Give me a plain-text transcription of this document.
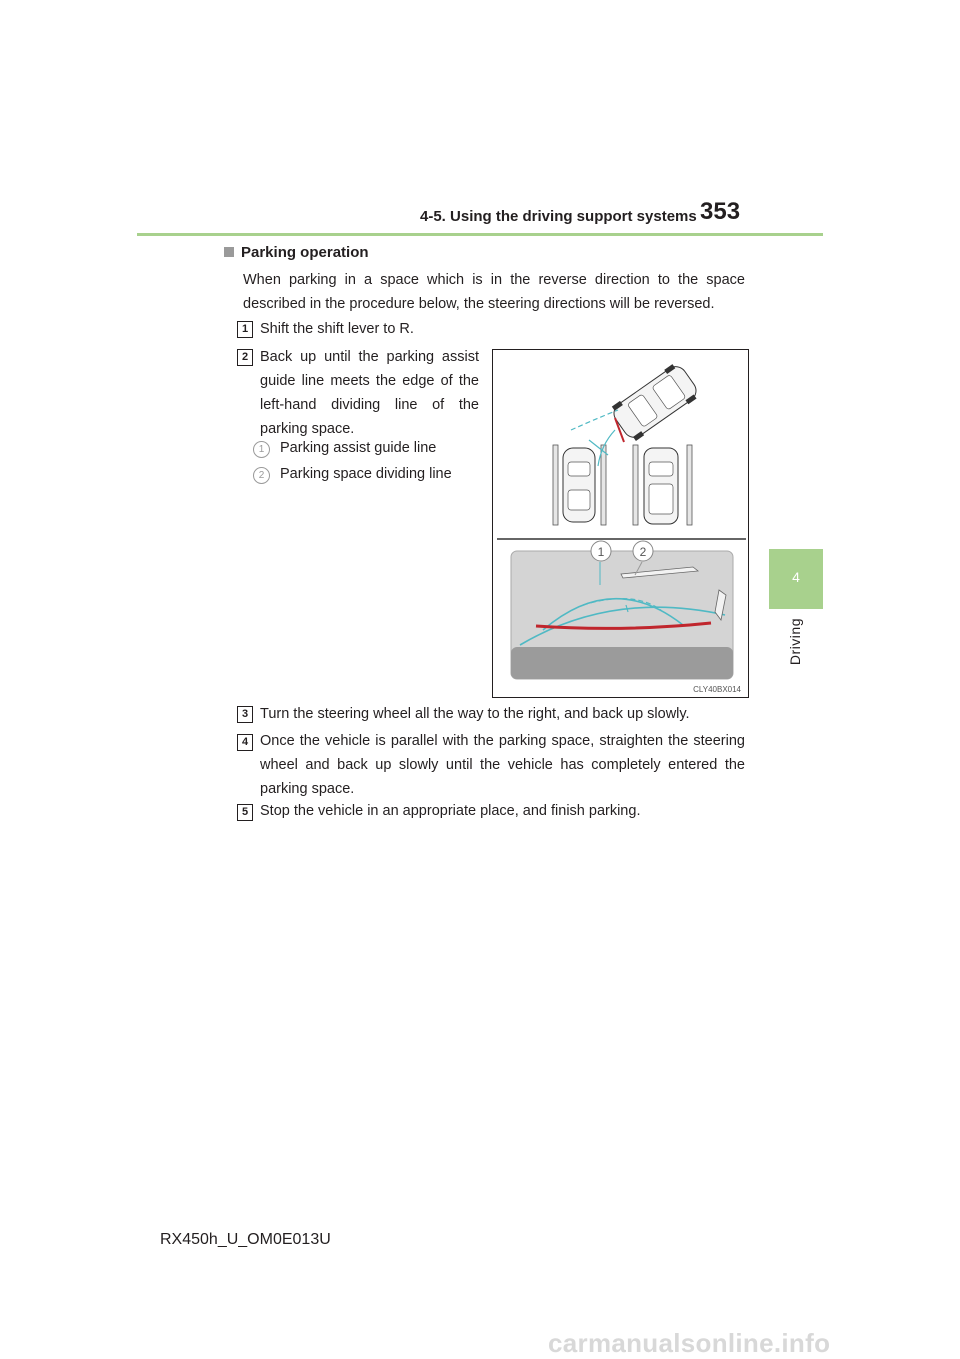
4-5. Using the driving support systems 353
4
Driving
Parking operation
When parking in a space which is in the reverse direction to the space described in the procedure below, the steering directions will be reversed.
1 Shift the shift lever to R.
2 Back up until the parking assist guide line meets the edge of the left-hand dividing line of the parking space.
1	Parking assist guide line
2	Parking space dividing line
1	2
CLY40BX014
3 Turn the steering wheel all the way to the right, and back up slowly.
4 Once the vehicle is parallel with the parking space, straighten the steering wheel and back up slowly until the vehicle has completely entered the parking space.
5 Stop the vehicle in an appropriate place, and finish parking.
RX450h_U_OM0E013U
carmanualsonline.info
